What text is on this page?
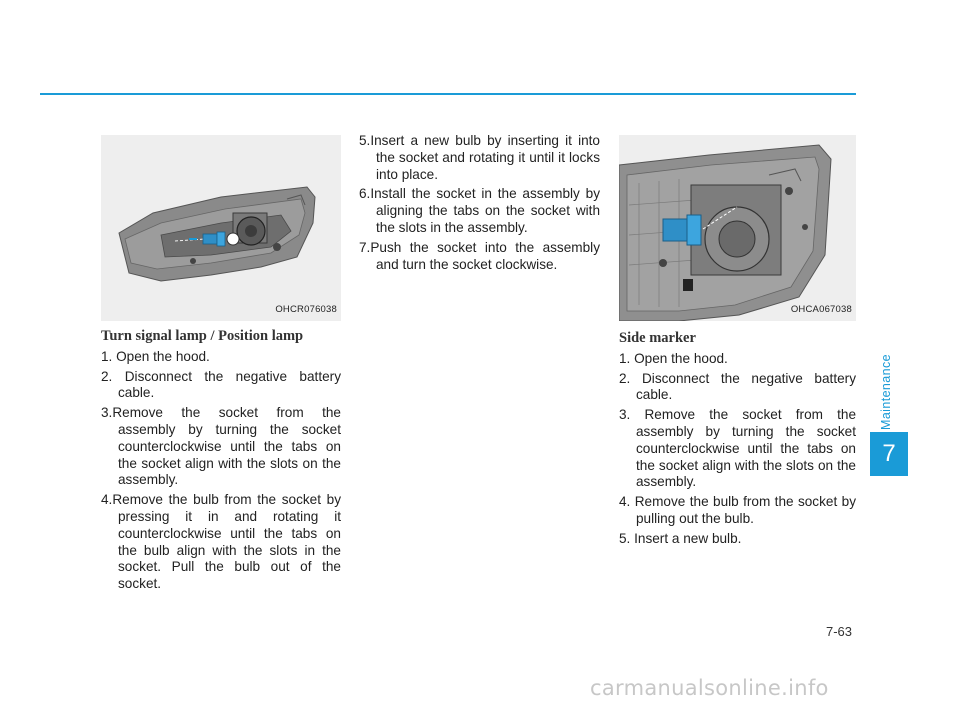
OHCR076038
Turn signal lamp / Position lamp
1. Open the hood.
2. Disconnect the negative battery cable.
3.Remove the socket from the assembly by turning the socket counterclockwise until the tabs on the socket align with the slots on the assembly.
4.Remove the bulb from the socket by pressing it in and rotating it counterclockwise until the tabs on the bulb align with the slots in the socket. Pull the bulb out of the socket.
5.Insert a new bulb by inserting it into the socket and rotating it until it locks into place.
6.Install the socket in the assembly by aligning the tabs on the socket with the slots in the assembly.
7.Push the socket into the assembly and turn the socket clockwise.
OHCA067038
Side marker
1. Open the hood.
2. Disconnect the negative battery cable.
3. Remove the socket from the assembly by turning the socket counterclockwise until the tabs on the socket align with the slots on the assembly.
4. Remove the bulb from the socket by pulling out the bulb.
5. Insert a new bulb.
Maintenance
7
7-63
carmanualsonline.info
